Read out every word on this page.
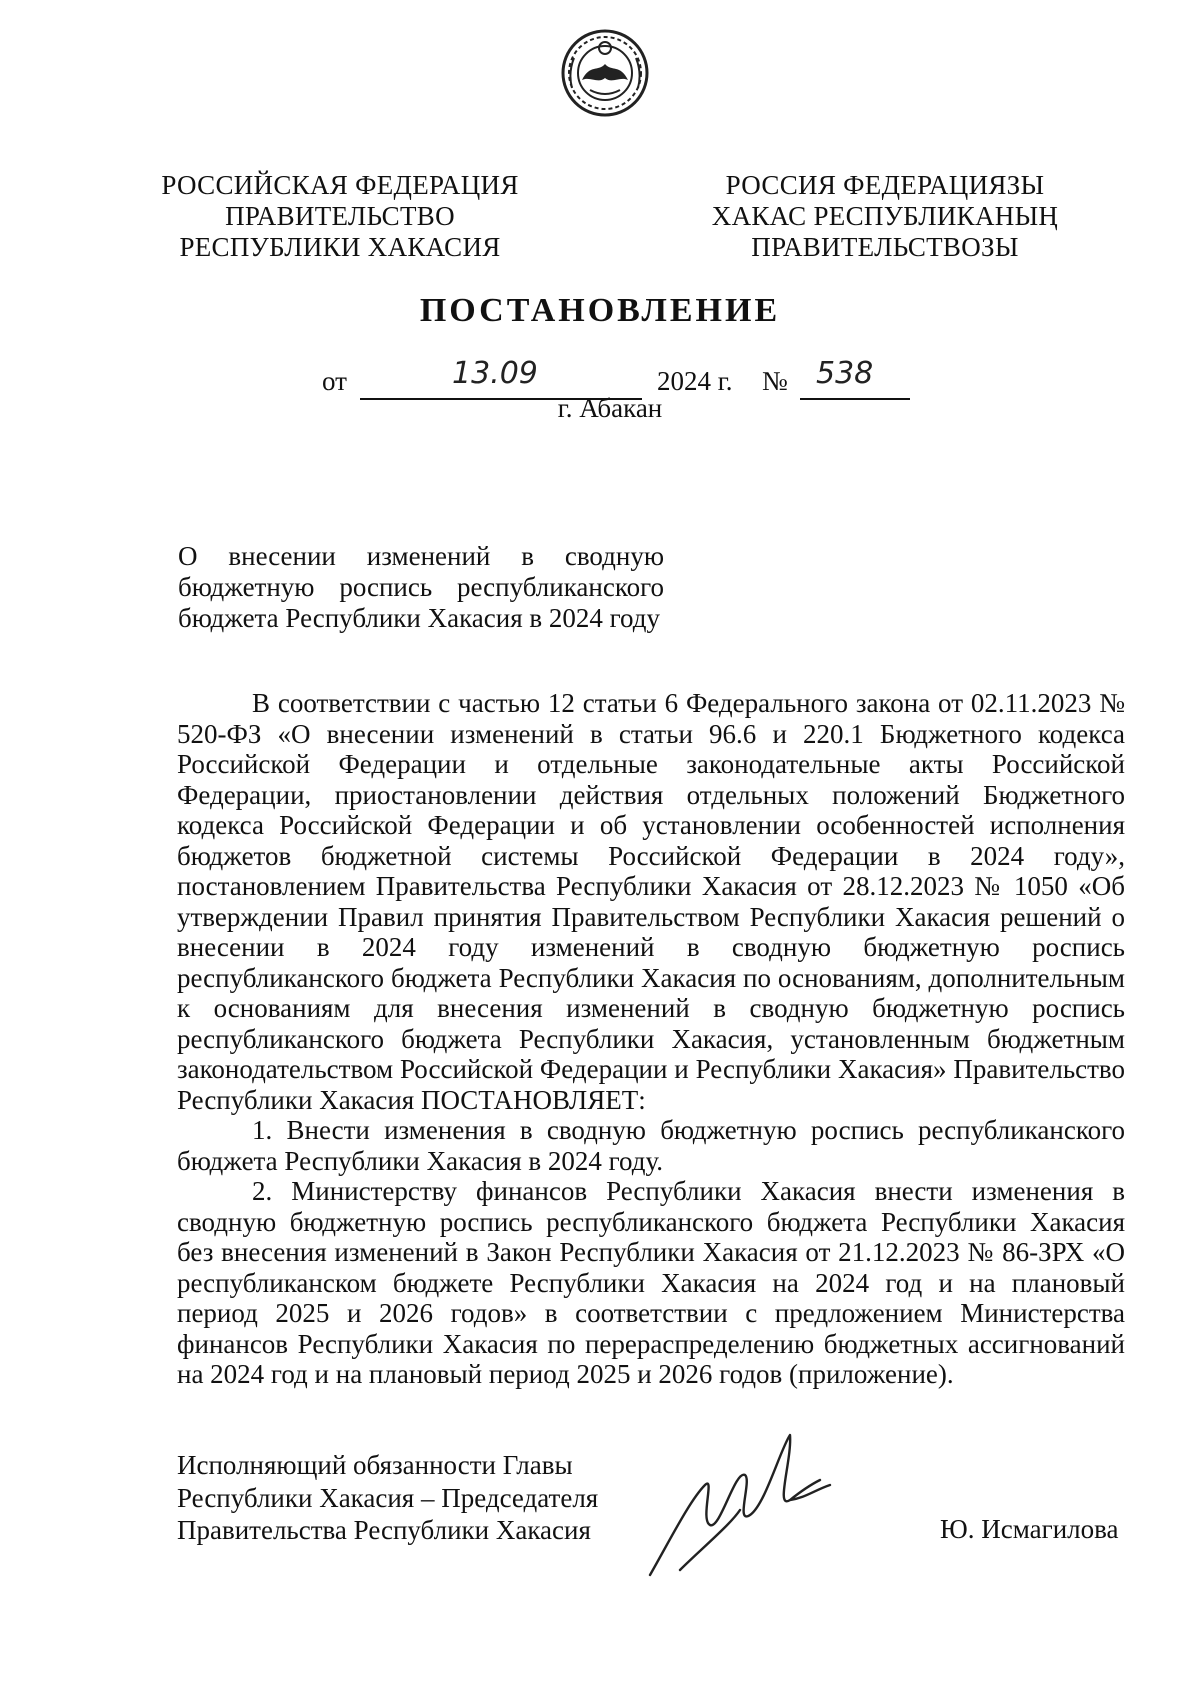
РОССИЙСКАЯ ФЕДЕРАЦИЯ
ПРАВИТЕЛЬСТВО
РЕСПУБЛИКИ ХАКАСИЯ
РОССИЯ ФЕДЕРАЦИЯЗЫ
ХАКАС РЕСПУБЛИКАНЫҢ
ПРАВИТЕЛЬСТВОЗЫ
ПОСТАНОВЛЕНИЕ
от	13.09	2024 г. № 538
г. Абакан
О внесении изменений в сводную бюджетную роспись республиканского бюджета Республики Хакасия в 2024 году

В соответствии с частью 12 статьи 6 Федерального закона от 02.11.2023 № 520-ФЗ «О внесении изменений в статьи 96.6 и 220.1 Бюджетного кодекса Российской Федерации и отдельные законодательные акты Российской Федерации, приостановлении действия отдельных положений Бюджетного кодекса Российской Федерации и об установлении особенностей исполнения бюджетов бюджетной системы Российской Федерации в 2024 году», постановлением Правительства Республики Хакасия от 28.12.2023 № 1050 «Об утверждении Правил принятия Правительством Республики Хакасия решений о внесении в 2024 году изменений в сводную бюджетную роспись республиканского бюджета Республики Хакасия по основаниям, дополнительным к основаниям для внесения изменений в сводную бюджетную роспись республиканского бюджета Республики Хакасия, установленным бюджетным законодательством Российской Федерации и Республики Хакасия» Правительство Республики Хакасия ПОСТАНОВЛЯЕТ:

1. Внести изменения в сводную бюджетную роспись республиканского бюджета Республики Хакасия в 2024 году.

2. Министерству финансов Республики Хакасия внести изменения в сводную бюджетную роспись республиканского бюджета Республики Хакасия без внесения изменений в Закон Республики Хакасия от 21.12.2023 № 86-ЗРХ «О республиканском бюджете Республики Хакасия на 2024 год и на плановый период 2025 и 2026 годов» в соответствии с предложением Министерства финансов Республики Хакасия по перераспределению бюджетных ассигнований на 2024 год и на плановый период 2025 и 2026 годов (приложение).

Исполняющий обязанности Главы
Республики Хакасия – Председателя
Правительства Республики Хакасия	Ю. Исмагилова
